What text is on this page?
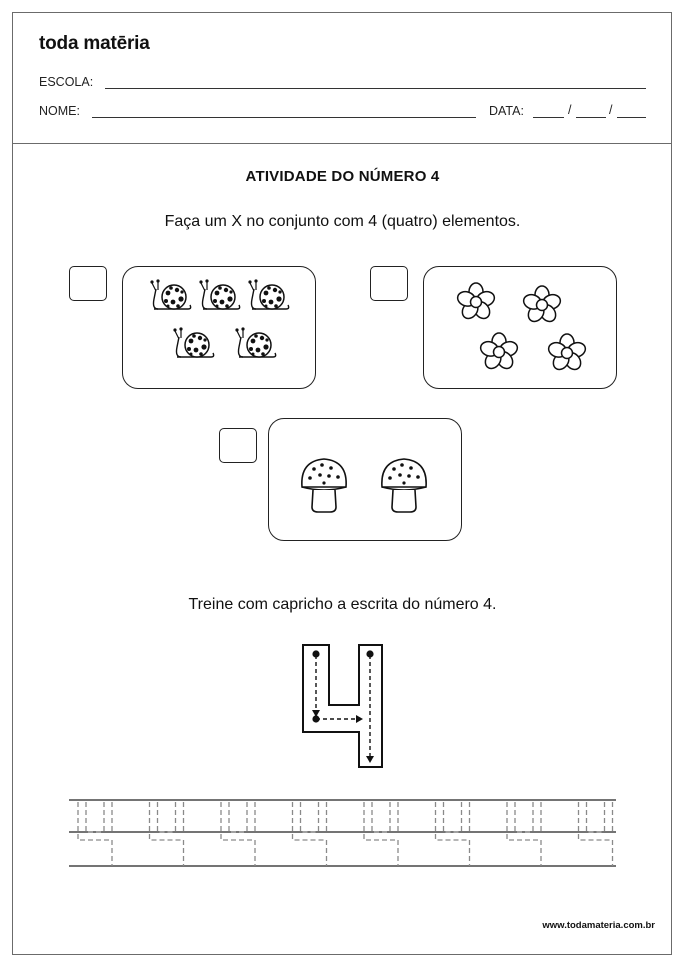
toda matēria
ESCOLA:
NOME:	DATA:	/	/
ATIVIDADE DO NÚMERO 4
Faça um X no conjunto com 4 (quatro) elementos.
Treine com capricho a escrita do número 4.
www.todamateria.com.br
